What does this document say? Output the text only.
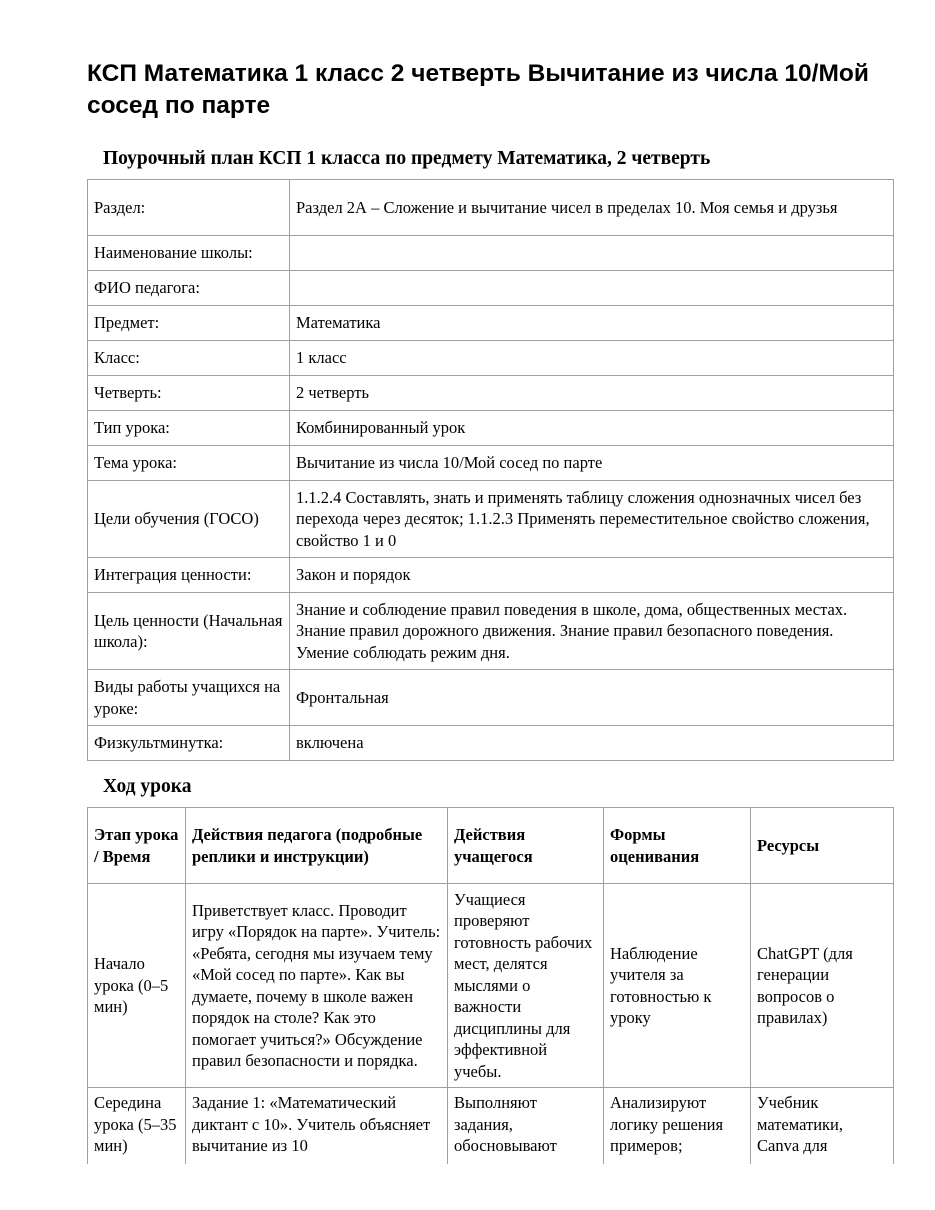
КСП Математика 1 класс 2 четверть Вычитание из числа 10/Мой сосед по парте
Поурочный план КСП 1 класса по предмету Математика, 2 четверть
Раздел:	Раздел 2А – Сложение и вычитание чисел в пределах 10. Моя семья и друзья
Наименование школы:	
ФИО педагога:	
Предмет:	Математика
Класс:	1 класс
Четверть:	2 четверть
Тип урока:	Комбинированный урок
Тема урока:	Вычитание из числа 10/Мой сосед по парте
Цели обучения (ГОСО)	1.1.2.4 Составлять, знать и применять таблицу сложения однозначных чисел без перехода через десяток; 1.1.2.3 Применять переместительное свойство сложения, свойство 1 и 0
Интеграция ценности:	Закон и порядок
Цель ценности (Начальная школа):	Знание и соблюдение правил поведения в школе, дома, общественных местах. Знание правил дорожного движения. Знание правил безопасного поведения. Умение соблюдать режим дня.
Виды работы учащихся на уроке:	Фронтальная
Физкультминутка:	включена
Ход урока
Этап урока / Время	Действия педагога (подробные реплики и инструкции)	Действия учащегося	Формы оценивания	Ресурсы
Начало урока (0–5 мин)	Приветствует класс. Проводит игру «Порядок на парте». Учитель: «Ребята, сегодня мы изучаем тему «Мой сосед по парте». Как вы думаете, почему в школе важен порядок на столе? Как это помогает учиться?» Обсуждение правил безопасности и порядка.	Учащиеся проверяют готовность рабочих мест, делятся мыслями о важности дисциплины для эффективной учебы.	Наблюдение учителя за готовностью к уроку	ChatGPT (для генерации вопросов о правилах)
Середина урока (5–35 мин)	Задание 1: «Математический диктант с 10». Учитель объясняет вычитание из 10	Выполняют задания, обосновывают	Анализируют логику решения примеров;	Учебник математики, Canva для
